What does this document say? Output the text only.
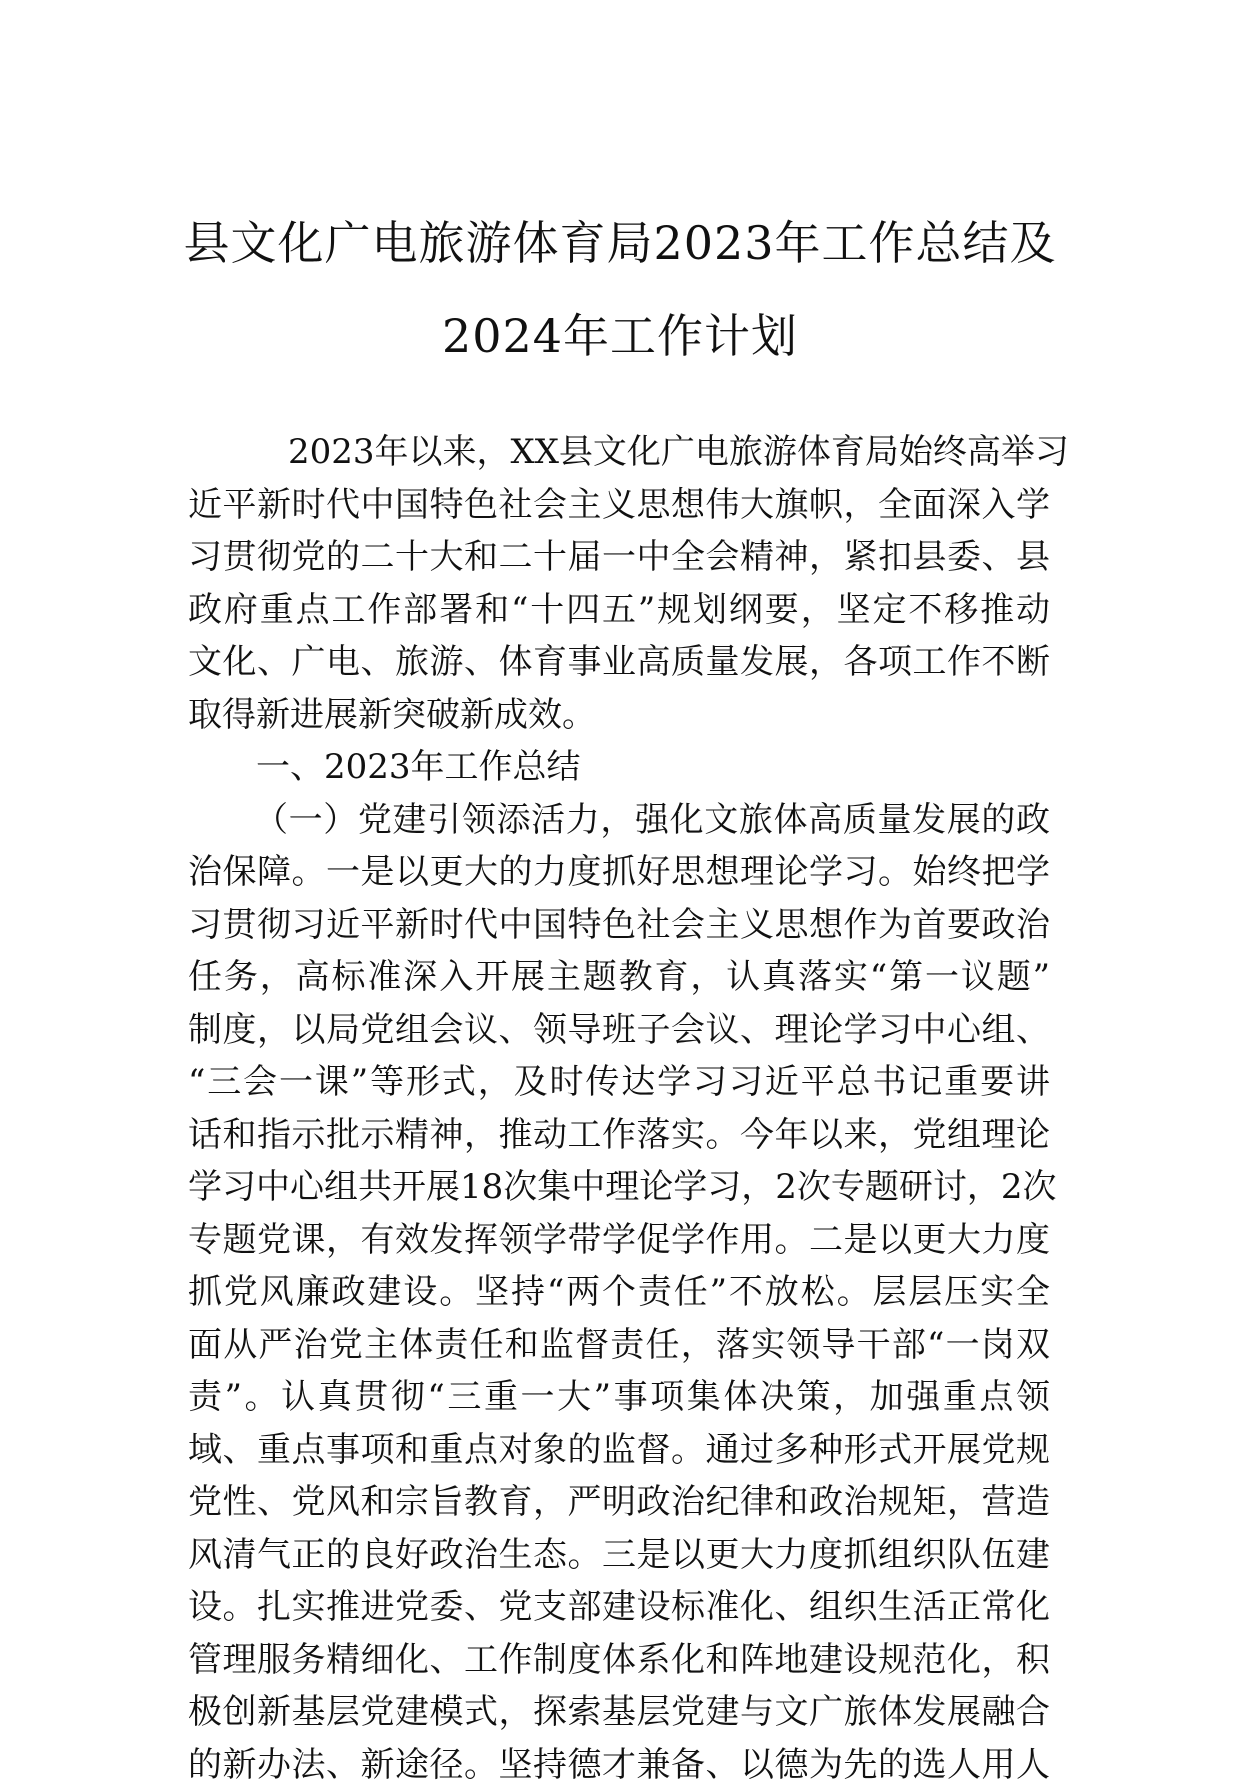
县文化广电旅游体育局2023年工作总结及
2024年工作计划
2023年以来，XX县文化广电旅游体育局始终高举习
近平新时代中国特色社会主义思想伟大旗帜，全面深入学
习贯彻党的二十大和二十届一中全会精神，紧扣县委、县
政府重点工作部署和“十四五”规划纲要，坚定不移推动
文化、广电、旅游、体育事业高质量发展，各项工作不断
取得新进展新突破新成效。
一、2023年工作总结
（一）党建引领添活力，强化文旅体高质量发展的政
治保障。一是以更大的力度抓好思想理论学习。始终把学
习贯彻习近平新时代中国特色社会主义思想作为首要政治
任务，高标准深入开展主题教育，认真落实“第一议题”
制度，以局党组会议、领导班子会议、理论学习中心组、
“三会一课”等形式，及时传达学习习近平总书记重要讲
话和指示批示精神，推动工作落实。今年以来，党组理论
学习中心组共开展18次集中理论学习，2次专题研讨，2次
专题党课，有效发挥领学带学促学作用。二是以更大力度
抓党风廉政建设。坚持“两个责任”不放松。层层压实全
面从严治党主体责任和监督责任，落实领导干部“一岗双
责”。认真贯彻“三重一大”事项集体决策，加强重点领
域、重点事项和重点对象的监督。通过多种形式开展党规
党性、党风和宗旨教育，严明政治纪律和政治规矩，营造
风清气正的良好政治生态。三是以更大力度抓组织队伍建
设。扎实推进党委、党支部建设标准化、组织生活正常化
管理服务精细化、工作制度体系化和阵地建设规范化，积
极创新基层党建模式，探索基层党建与文广旅体发展融合
的新办法、新途径。坚持德才兼备、以德为先的选人用人
